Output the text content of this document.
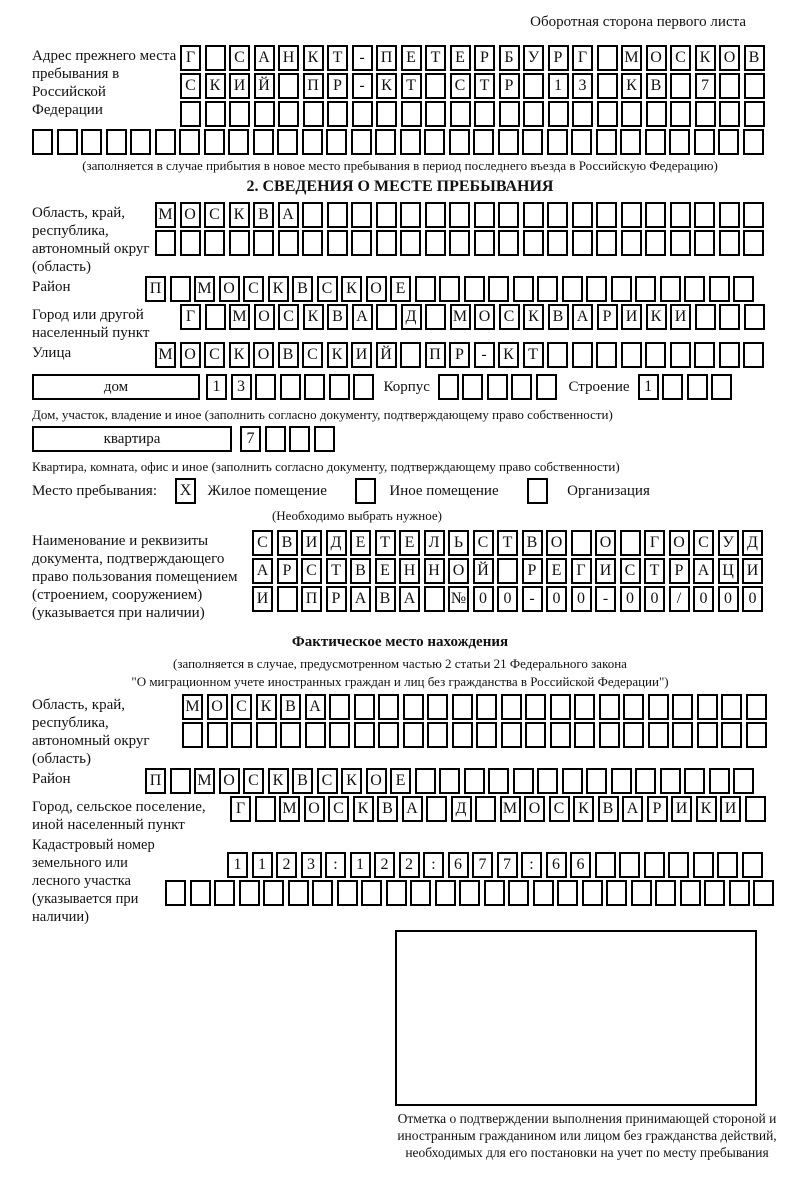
Оборотная сторона первого листа
Адрес прежнего места пребывания в Российской Федерации
Г	С А Н К Т	-	П Е Т Е Р Б У Р Г	М О С К О В
С К И Й П Р	-	К Т	С Т Р	1	3	К В	7
(заполняется в случае прибытия в новое место пребывания в период последнего въезда в Российскую Федерацию)
2. СВЕДЕНИЯ О МЕСТЕ ПРЕБЫВАНИЯ
Область, край, республика, автономный округ (область)
М О С К В А
Район	П М О С К В С К О Е
Город или другой населенный пункт
Г	М О С К В А	Д	М О С К В А Р И К И
Улица	М О С К О В С К И Й П Р	-	К Т
дом	1	3	Корпус	Строение 1
Дом, участок, владение и иное (заполнить согласно документу, подтверждающему право собственности)
квартира	7
Квартира, комната, офис и иное (заполнить согласно документу, подтверждающему право собственности)
Место пребывания:	X	Жилое помещение	Иное помещение	Организация
(Необходимо выбрать нужное)
Наименование и реквизиты документа, подтверждающего право пользования помещением (строением, сооружением) (указывается при наличии)
С В И Д Е Т Е Л Ь С Т В О О	Г О С У Д
А Р С Т В Е Н Н О Й	Р Е Г И С Т Р А Ц И
И П Р А В А № 0	0	-	0	0	-	0	0	/	0	0	0
Фактическое место нахождения
(заполняется в случае, предусмотренном частью 2 статьи 21 Федерального закона
"О миграционном учете иностранных граждан и лиц без гражданства в Российской Федерации")
Область, край, республика, автономный округ (область)
М О С К В А
Район	П М О С К В С К О Е
Город, сельское поселение, иной населенный пункт
Г	М О С К В А	Д	М О С К В А Р И К И
Кадастровый номер земельного или лесного участка (указывается при наличии)
1	1	2	3	:	1	2	2	:	6	7	7	:	6	6
Отметка о подтверждении выполнения принимающей стороной и иностранным гражданином или лицом без гражданства действий, необходимых для его постановки на учет по месту пребывания
